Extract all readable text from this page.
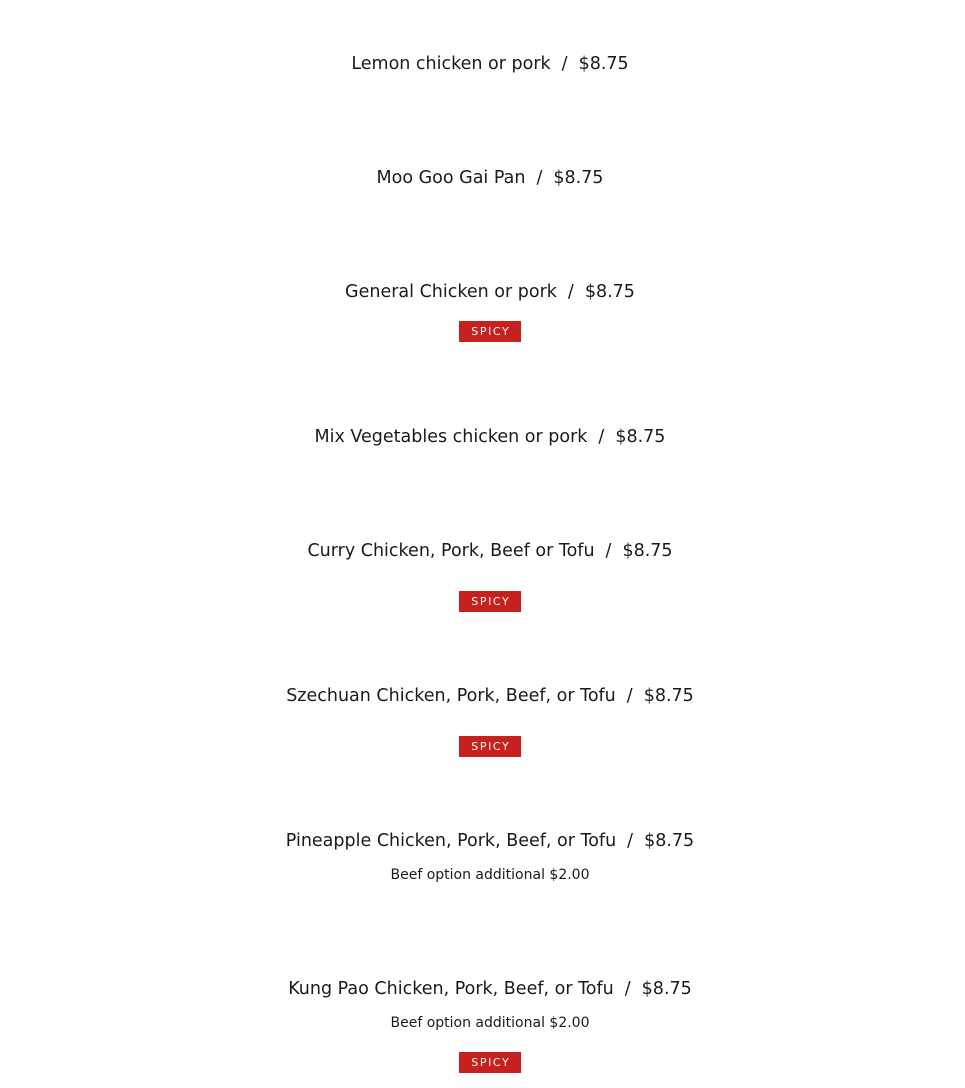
Lemon chicken or pork / $8.75
Moo Goo Gai Pan / $8.75
General Chicken or pork / $8.75
SPICY
Mix Vegetables chicken or pork / $8.75
Curry Chicken, Pork, Beef or Tofu / $8.75
SPICY
Szechuan Chicken, Pork, Beef, or Tofu / $8.75
SPICY
Pineapple Chicken, Pork, Beef, or Tofu / $8.75
Beef option additional $2.00
Kung Pao Chicken, Pork, Beef, or Tofu / $8.75
Beef option additional $2.00
SPICY
